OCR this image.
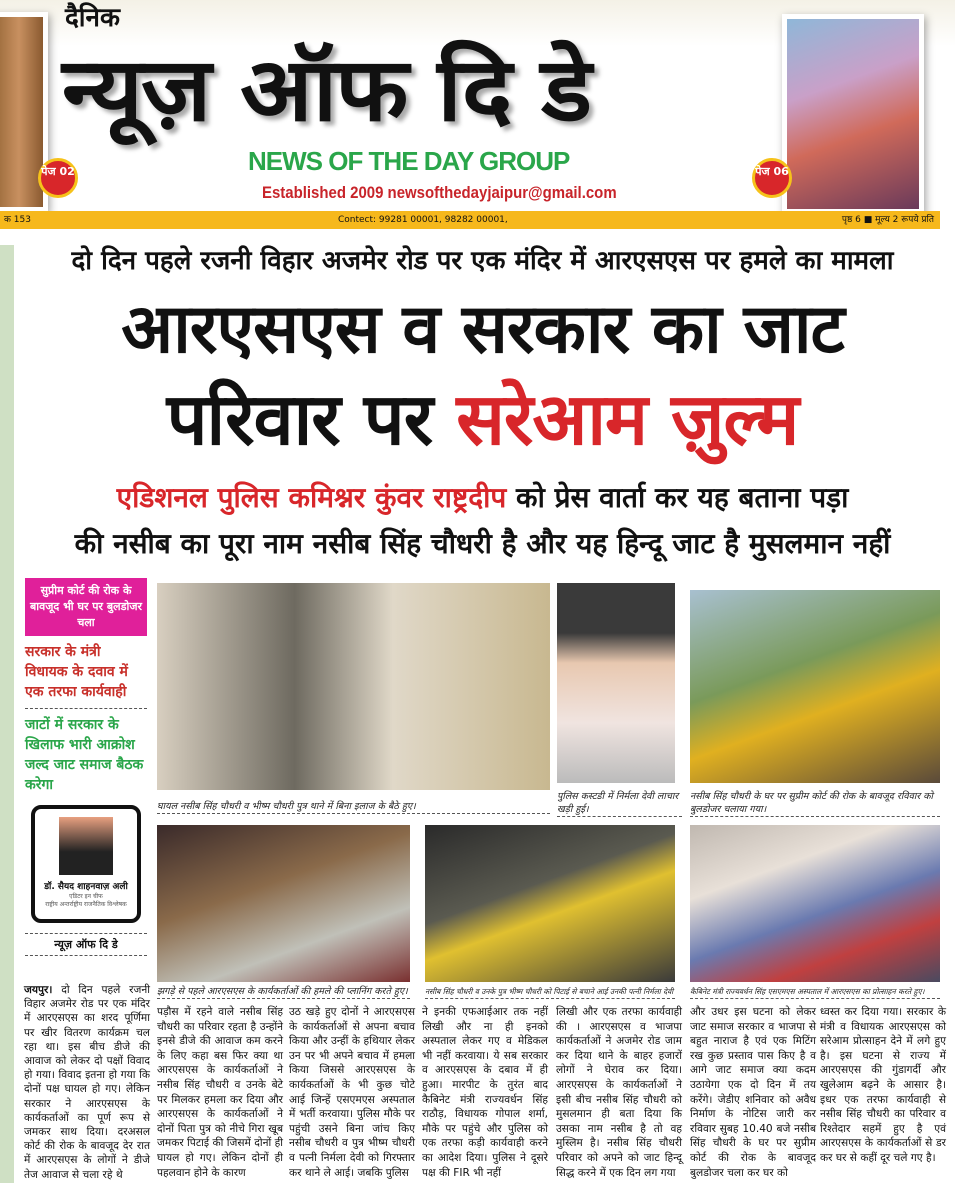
पेज 02	पेज 06
दैनिक
न्यूज़ ऑफ दि डे
NEWS OF THE DAY GROUP
Established 2009 newsofthedayjaipur@gmail.com
क 153	Contect: 99281 00001, 98282 00001,	पृष्ठ 6 ■ मूल्य 2 रूपये प्रति
दो दिन पहले रजनी विहार अजमेर रोड पर एक मंदिर में आरएसएस पर हमले का मामला
आरएसएस व सरकार का जाट
परिवार पर सरेआम ज़ुल्म
एडिशनल पुलिस कमिश्नर कुंवर राष्ट्रदीप को प्रेस वार्ता कर यह बताना पड़ा
की नसीब का पूरा नाम नसीब सिंह चौधरी है और यह हिन्दू जाट है मुसलमान नहीं
सुप्रीम कोर्ट की रोक के बावजूद भी घर पर बुलडोजर चला
सरकार के मंत्री विधायक के दवाव में एक तरफा कार्यवाही
जाटों में सरकार के खिलाफ भारी आक्रोश जल्द जाट समाज बैठक करेगा
डॉ. सैयद शाहनवाज़ अली
एडिटर इन चीफ
राष्ट्रीय अन्तर्राष्ट्रीय राजनैतिक विश्लेषक
न्यूज़ ऑफ दि डे
घायल नसीब सिंह चौधरी व भीष्म चौधरी पुत्र थाने में बिना इलाज के बैठे हुए।
पुलिस कस्टडी में निर्मला देवी लाचार खड़ी हुई।
नसीब सिंह चौधरी के घर पर सुप्रीम कोर्ट की रोक के बावजूद रविवार को बुलडोजर चलाया गया।
झगड़े से पहले आरएसएस के कार्यकर्ताओं की हमले की प्लानिंग करते हुए। नसीब सिंह चौधरी व उनके पुत्र भीष्म चौधरी को पिटाई से बचाने आई उनकी पत्नी निर्मला देवी कैबिनेट मंत्री राज्यवर्धन सिंह एसएमएस अस्पताल में आरएसएस का प्रोत्साहन करते हुए।
जयपुर। दो दिन पहले रजनी विहार अजमेर रोड पर एक मंदिर में आरएसएस का शरद पूर्णिमा पर खीर वितरण कार्यक्रम चल रहा था। इस बीच डीजे की आवाज को लेकर दो पक्षों विवाद हो गया। विवाद इतना हो गया कि दोनों पक्ष घायल हो गए। लेकिन सरकार ने आरएसएस के कार्यकर्ताओं का पूर्ण रूप से जमकर साथ दिया। दरअसल कोर्ट की रोक के बावजूद देर रात में आरएसएस के लोगों ने डीजे तेज आवाज से चला रहे थे
पड़ौस में रहने वाले नसीब सिंह चौधरी का परिवार रहता है उन्होंने इनसे डीजे की आवाज कम करने के लिए कहा बस फिर क्या था आरएसएस के कार्यकर्ताओं ने नसीब सिंह चौधरी व उनके बेटे पर मिलकर हमला कर दिया और आरएसएस के कार्यकर्ताओं ने दोनों पिता पुत्र को नीचे गिरा खूब जमकर पिटाई की जिसमें दोनों ही घायल हो गए। लेकिन दोनों ही पहलवान होने के कारण
उठ खड़े हुए दोनों ने आरएसएस के कार्यकर्ताओं से अपना बचाव किया और उन्हीं के हथियार लेकर उन पर भी अपने बचाव में हमला किया जिससे आरएसएस के कार्यकर्ताओं के भी कुछ चोटे आई जिन्हें एसएमएस अस्पताल में भर्ती करवाया। पुलिस मौके पर पहुंची उसने बिना जांच किए नसीब चौधरी व पुत्र भीष्म चौधरी व पत्नी निर्मला देवी को गिरफ्तार कर थाने ले आई। जबकि पुलिस
ने इनकी एफआईआर तक नहीं लिखी और ना ही इनको अस्पताल लेकर गए व मेडिकल भी नहीं करवाया। ये सब सरकार व आरएसएस के दबाव में ही हुआ। मारपीट के तुरंत बाद कैबिनेट मंत्री राज्यवर्धन सिंह राठौड़, विधायक गोपाल शर्मा, मौके पर पहुंचे और पुलिस को एक तरफा कड़ी कार्यवाही करने का आदेश दिया। पुलिस ने दूसरे पक्ष की FIR भी नहीं
लिखी और एक तरफा कार्यवाही की । आरएसएस व भाजपा कार्यकर्ताओं ने अजमेर रोड जाम कर दिया थाने के बाहर हजारों लोगों ने घेराव कर दिया। आरएसएस के कार्यकर्ताओं ने इसी बीच नसीब सिंह चौधरी को मुसलमान ही बता दिया कि उसका नाम नसीब है तो वह मुस्लिम है। नसीब सिंह चौधरी परिवार को अपने को जाट हिन्दू सिद्ध करने में एक दिन लग गया
और उधर इस घटना को लेकर जाट समाज सरकार व भाजपा से बहुत नाराज है एवं एक मिटिंग रख कुछ प्रस्ताव पास किए है व आगे जाट समाज क्या कदम उठायेगा एक दो दिन में तय करेंगे। जेडीए शनिवार को अवैध निर्माण के नोटिस जारी कर रविवार सुबह 10.40 बजे नसीब सिंह चौधरी के घर पर सुप्रीम कोर्ट की रोक के बावजूद बुलडोजर चला कर घर को
ध्वस्त कर दिया गया। सरकार के मंत्री व विधायक आरएसएस को सरेआम प्रोत्साहन देने में लगे हुए है। इस घटना से राज्य में आरएसएस की गुंडागर्दी और खुलेआम बढ़ने के आसार है। इधर एक तरफा कार्यवाही से नसीब सिंह चौधरी का परिवार व रिश्तेदार सहमें हुए है एवं आरएसएस के कार्यकर्ताओं से डर कर घर से कहीं दूर चले गए है।
